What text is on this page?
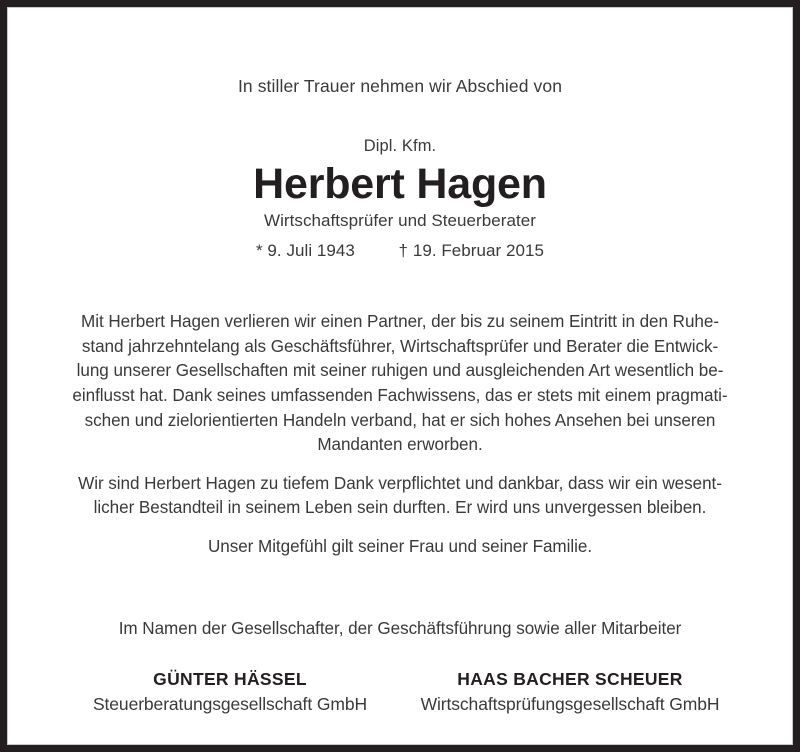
In stiller Trauer nehmen wir Abschied von
Dipl. Kfm.
Herbert Hagen
Wirtschaftsprüfer und Steuerberater
* 9. Juli 1943	† 19. Februar 2015
Mit Herbert Hagen verlieren wir einen Partner, der bis zu seinem Eintritt in den Ruhe-
stand jahrzehntelang als Geschäftsführer, Wirtschaftsprüfer und Berater die Entwick-
lung unserer Gesellschaften mit seiner ruhigen und ausgleichenden Art wesentlich be-
einflusst hat. Dank seines umfassenden Fachwissens, das er stets mit einem pragmati-
schen und zielorientierten Handeln verband, hat er sich hohes Ansehen bei unseren
Mandanten erworben.
Wir sind Herbert Hagen zu tiefem Dank verpflichtet und dankbar, dass wir ein wesent-
licher Bestandteil in seinem Leben sein durften. Er wird uns unvergessen bleiben.
Unser Mitgefühl gilt seiner Frau und seiner Familie.
Im Namen der Gesellschafter, der Geschäftsführung sowie aller Mitarbeiter
GÜNTER HÄSSEL
Steuerberatungsgesellschaft GmbH
HAAS BACHER SCHEUER
Wirtschaftsprüfungsgesellschaft GmbH
